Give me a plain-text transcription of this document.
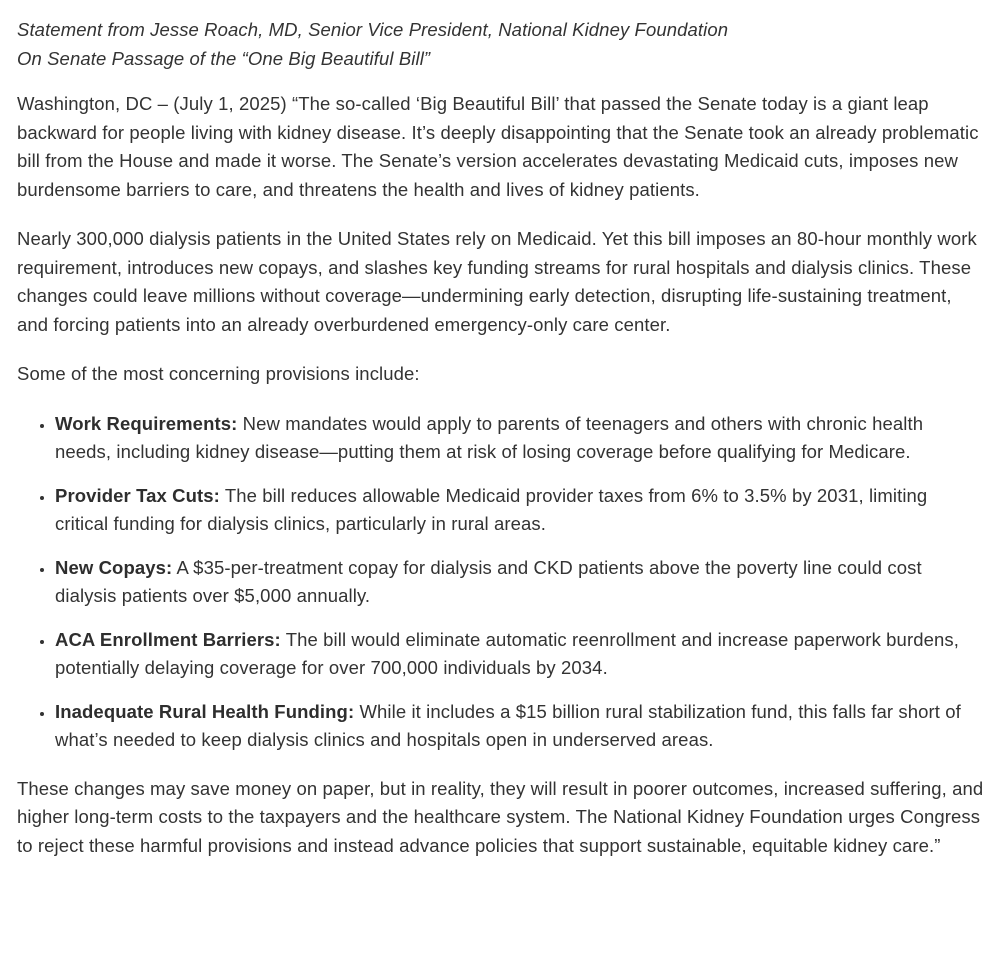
Statement from Jesse Roach, MD, Senior Vice President, National Kidney Foundation
On Senate Passage of the “One Big Beautiful Bill”

Washington, DC – (July 1, 2025) “The so-called ‘Big Beautiful Bill’ that passed the Senate today is a giant leap backward for people living with kidney disease. It’s deeply disappointing that the Senate took an already problematic bill from the House and made it worse. The Senate’s version accelerates devastating Medicaid cuts, imposes new burdensome barriers to care, and threatens the health and lives of kidney patients.

Nearly 300,000 dialysis patients in the United States rely on Medicaid. Yet this bill imposes an 80-hour monthly work requirement, introduces new copays, and slashes key funding streams for rural hospitals and dialysis clinics. These changes could leave millions without coverage—undermining early detection, disrupting life-sustaining treatment, and forcing patients into an already overburdened emergency-only care center.

Some of the most concerning provisions include:

• Work Requirements: New mandates would apply to parents of teenagers and others with chronic health needs, including kidney disease—putting them at risk of losing coverage before qualifying for Medicare.
• Provider Tax Cuts: The bill reduces allowable Medicaid provider taxes from 6% to 3.5% by 2031, limiting critical funding for dialysis clinics, particularly in rural areas.
• New Copays: A $35-per-treatment copay for dialysis and CKD patients above the poverty line could cost dialysis patients over $5,000 annually.
• ACA Enrollment Barriers: The bill would eliminate automatic reenrollment and increase paperwork burdens, potentially delaying coverage for over 700,000 individuals by 2034.
• Inadequate Rural Health Funding: While it includes a $15 billion rural stabilization fund, this falls far short of what’s needed to keep dialysis clinics and hospitals open in underserved areas.

These changes may save money on paper, but in reality, they will result in poorer outcomes, increased suffering, and higher long-term costs to the taxpayers and the healthcare system. The National Kidney Foundation urges Congress to reject these harmful provisions and instead advance policies that support sustainable, equitable kidney care.”
